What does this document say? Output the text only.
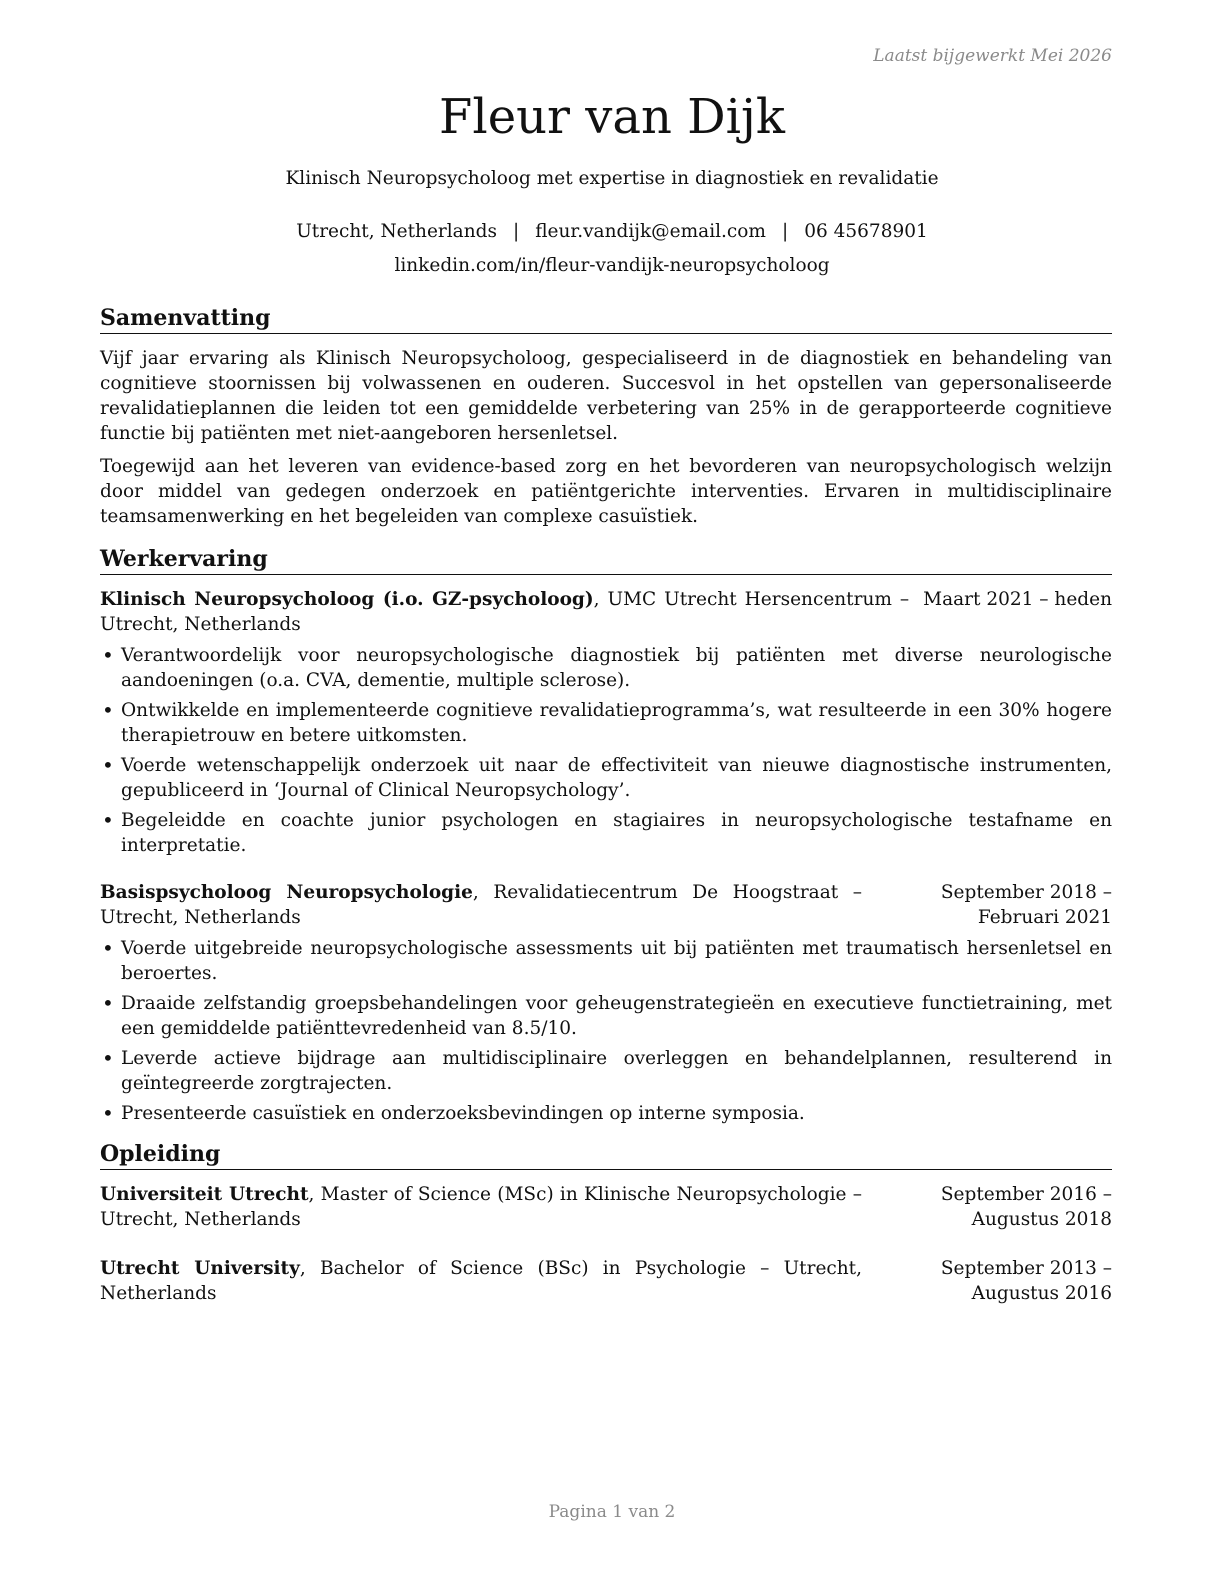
Laatst bijgewerkt Mei 2026
Fleur van Dijk
Klinisch Neuropsycholoog met expertise in diagnostiek en revalidatie
Utrecht, Netherlands | fleur.vandijk@email.com | 06 45678901
linkedin.com/in/fleur-vandijk-neuropsycholoog
Samenvatting

Vijf jaar ervaring als Klinisch Neuropsycholoog, gespecialiseerd in de diagnostiek en behandeling van cognitieve stoornissen bij volwassenen en ouderen. Succesvol in het opstellen van gepersonaliseerde revalidatieplannen die leiden tot een gemiddelde verbetering van 25% in de gerapporteerde cognitieve functie bij patiënten met niet-aangeboren hersenletsel.

Toegewijd aan het leveren van evidence-based zorg en het bevorderen van neuropsychologisch welzijn door middel van gedegen onderzoek en patiëntgerichte interventies. Ervaren in multidisciplinaire teamsamenwerking en het begeleiden van complexe casuïstiek.

Werkervaring
Klinisch Neuropsycholoog (i.o. GZ-psycholoog), UMC Utrecht Hersencentrum – Utrecht, Netherlands
Maart 2021 – heden
• Verantwoordelijk voor neuropsychologische diagnostiek bij patiënten met diverse neurologische aandoeningen (o.a. CVA, dementie, multiple sclerose).
• Ontwikkelde en implementeerde cognitieve revalidatieprogramma’s, wat resulteerde in een 30% hogere therapietrouw en betere uitkomsten.
• Voerde wetenschappelijk onderzoek uit naar de effectiviteit van nieuwe diagnostische instrumenten, gepubliceerd in ‘Journal of Clinical Neuropsychology’.
• Begeleidde en coachte junior psychologen en stagiaires in neuropsychologische testafname en interpretatie.
Basispsycholoog Neuropsychologie, Revalidatiecentrum De Hoogstraat – Utrecht, Netherlands
September 2018 – Februari 2021
• Voerde uitgebreide neuropsychologische assessments uit bij patiënten met traumatisch hersenletsel en beroertes.
• Draaide zelfstandig groepsbehandelingen voor geheugenstrategieën en executieve functietraining, met een gemiddelde patiënttevredenheid van 8.5/10.
• Leverde actieve bijdrage aan multidisciplinaire overleggen en behandelplannen, resulterend in geïntegreerde zorgtrajecten.
• Presenteerde casuïstiek en onderzoeksbevindingen op interne symposia.
Opleiding
Universiteit Utrecht, Master of Science (MSc) in Klinische Neuropsychologie – Utrecht, Netherlands
September 2016 – Augustus 2018
Utrecht University, Bachelor of Science (BSc) in Psychologie – Utrecht, Netherlands
September 2013 – Augustus 2016
Pagina 1 van 2
